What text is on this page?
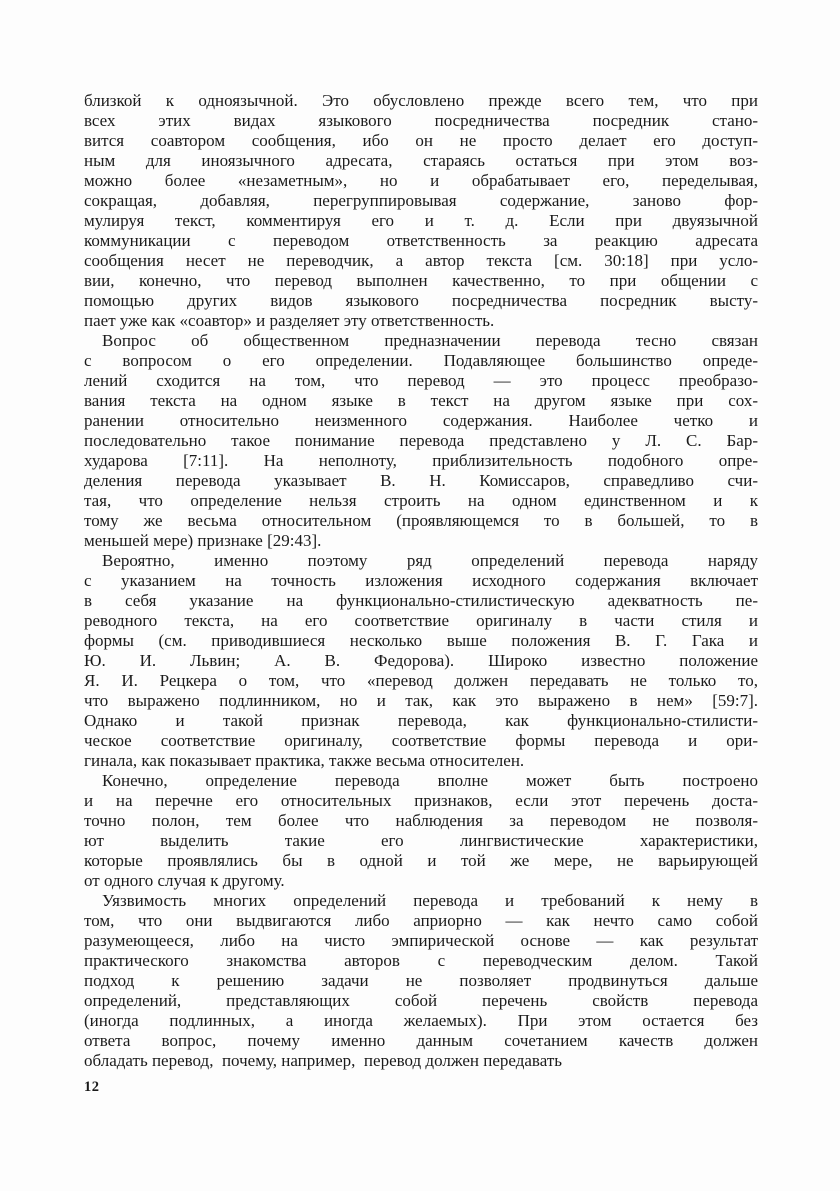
близкой к одноязычной. Это обусловлено прежде всего тем, что при
всех этих видах языкового посредничества посредник стано-
вится соавтором сообщения, ибо он не просто делает его доступ-
ным для иноязычного адресата, стараясь остаться при этом воз-
можно более «незаметным», но и обрабатывает его, переделывая,
сокращая, добавляя, перегруппировывая содержание, заново фор-
мулируя текст, комментируя его и т. д. Если при двуязычной
коммуникации с переводом ответственность за реакцию адресата
сообщения несет не переводчик, а автор текста [см. 30:18] при усло-
вии, конечно, что перевод выполнен качественно, то при общении с
помощью других видов языкового посредничества посредник высту-
пает уже как «соавтор» и разделяет эту ответственность.
Вопрос об общественном предназначении перевода тесно связан
с вопросом о его определении. Подавляющее большинство опреде-
лений сходится на том, что перевод — это процесс преобразо-
вания текста на одном языке в текст на другом языке при сох-
ранении относительно неизменного содержания. Наиболее четко и
последовательно такое понимание перевода представлено у Л. С. Бар-
хударова [7:11]. На неполноту, приблизительность подобного опре-
деления перевода указывает В. Н. Комиссаров, справедливо счи-
тая, что определение нельзя строить на одном единственном и к
тому же весьма относительном (проявляющемся то в большей, то в
меньшей мере) признаке [29:43].
Вероятно, именно поэтому ряд определений перевода наряду
с указанием на точность изложения исходного содержания включает
в себя указание на функционально-стилистическую адекватность пе-
реводного текста, на его соответствие оригиналу в части стиля и
формы (см. приводившиеся несколько выше положения В. Г. Гака и
Ю. И. Львин; А. В. Федорова). Широко известно положение
Я. И. Рецкера о том, что «перевод должен передавать не только то,
что выражено подлинником, но и так, как это выражено в нем» [59:7].
Однако и такой признак перевода, как функционально-стилисти-
ческое соответствие оригиналу, соответствие формы перевода и ори-
гинала, как показывает практика, также весьма относителен.
Конечно, определение перевода вполне может быть построено
и на перечне его относительных признаков, если этот перечень доста-
точно полон, тем более что наблюдения за переводом не позволя-
ют выделить такие его лингвистические характеристики,
которые проявлялись бы в одной и той же мере, не варьирующей
от одного случая к другому.
Уязвимость многих определений перевода и требований к нему в
том, что они выдвигаются либо априорно — как нечто само собой
разумеющееся, либо на чисто эмпирической основе — как результат
практического знакомства авторов с переводческим делом. Такой
подход к решению задачи не позволяет продвинуться дальше
определений, представляющих собой перечень свойств перевода
(иногда подлинных, а иногда желаемых). При этом остается без
ответа вопрос, почему именно данным сочетанием качеств должен
обладать перевод,  почему, например,  перевод должен передавать
12
